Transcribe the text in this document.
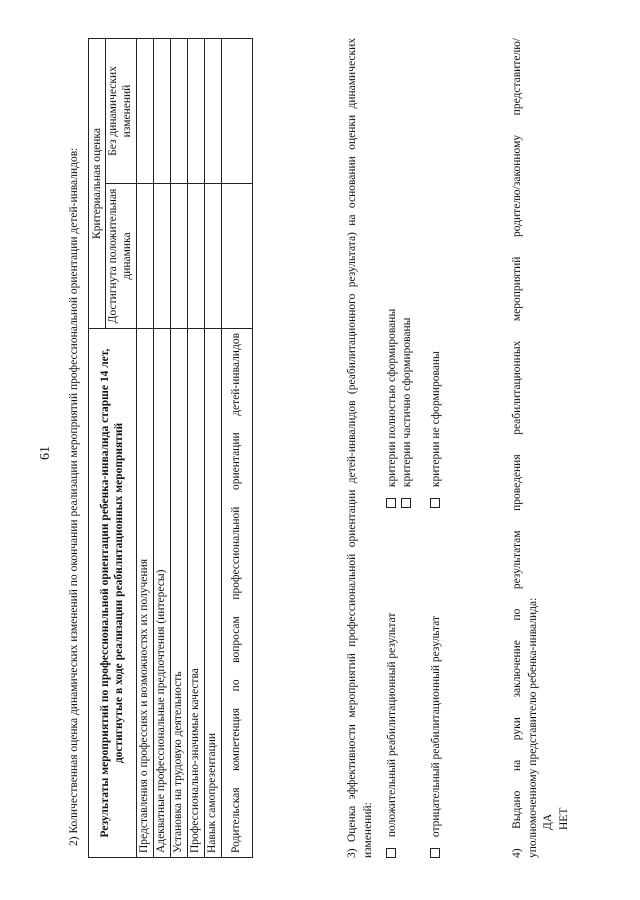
61 2) Количественная оценка динамических изменений по окончании реализации мероприятий профессиональной ориентации детей-инвалидов: Результаты мероприятий по профессиональной ориентации ребенка-инвалида старше 14 лет, достигнутые в ходе реализации реабилитационных мероприятий	Критериальная оценка	
	Достигнута положительная динамика	Без динамических изменений
Представления о профессиях и возможностях их получения		
Адекватные профессиональные предпочтения (интересы)		
Установка на трудовую деятельность		
Профессионально-значимые качества		
Навык самопрезентации		
Родительская компетенция по вопросам профессиональной ориентации детей-инвалидов			3) Оценка эффективности мероприятий профессиональной ориентации детей-инвалидов (реабилитационного результата) на основании оценки динамических изменений: положительный реабилитационный результат
критерии полностью сформированы критерии частично сформированы
отрицательный реабилитационный результат
критерии не сформированы	4) Выдано на руки заключение по результатам проведения реабилитационных мероприятий родителю/законному представителю/ уполномоченному представителю ребенка-инвалида: ДА НЕТ
